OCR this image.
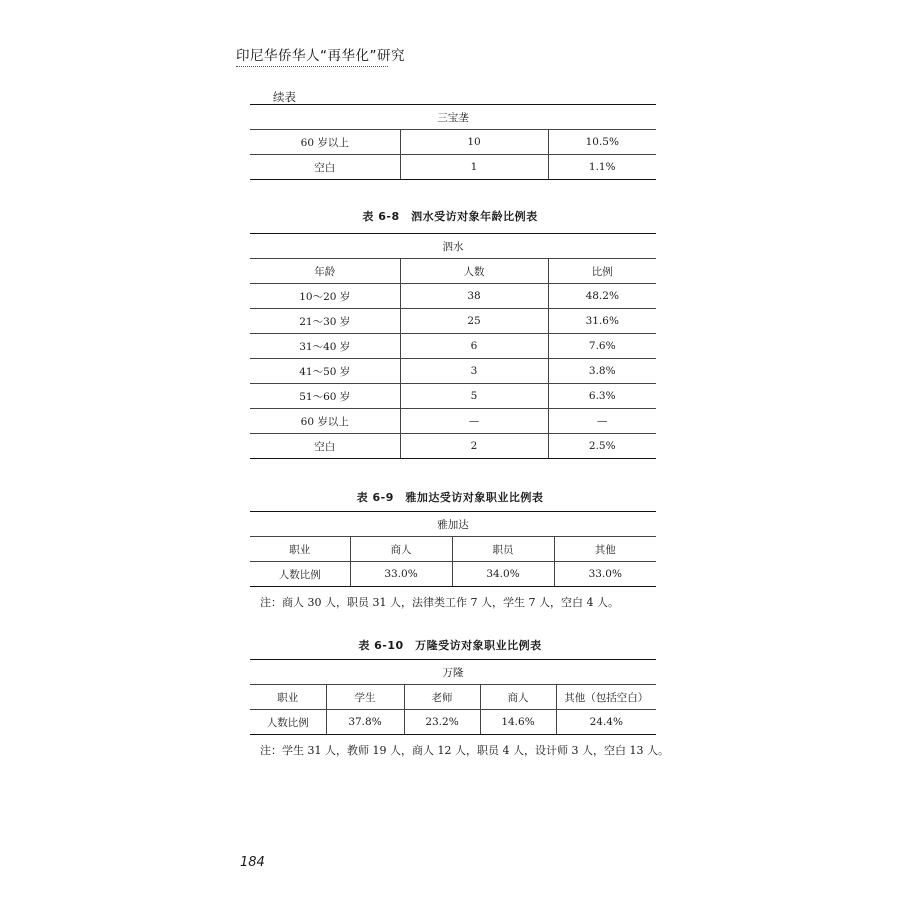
印尼华侨华人“再华化”研究
续表
三宝垄		
60 岁以上	10	10.5%
空白	1	1.1%
表 6-8　泗水受访对象年龄比例表
泗水		
年龄	人数	比例
10～20 岁	38	48.2%
21～30 岁	25	31.6%
31～40 岁	6	7.6%
41～50 岁	3	3.8%
51～60 岁	5	6.3%
60 岁以上	—	—
空白	2	2.5%
表 6-9　雅加达受访对象职业比例表
雅加达			
职业	商人	职员	其他
人数比例	33.0%	34.0%	33.0%
注：商人 30 人，职员 31 人，法律类工作 7 人，学生 7 人，空白 4 人。
表 6-10　万隆受访对象职业比例表
万隆				
职业	学生	老师	商人	其他（包括空白）
人数比例	37.8%	23.2%	14.6%	24.4%
注：学生 31 人，教师 19 人，商人 12 人，职员 4 人，设计师 3 人，空白 13 人。
184
